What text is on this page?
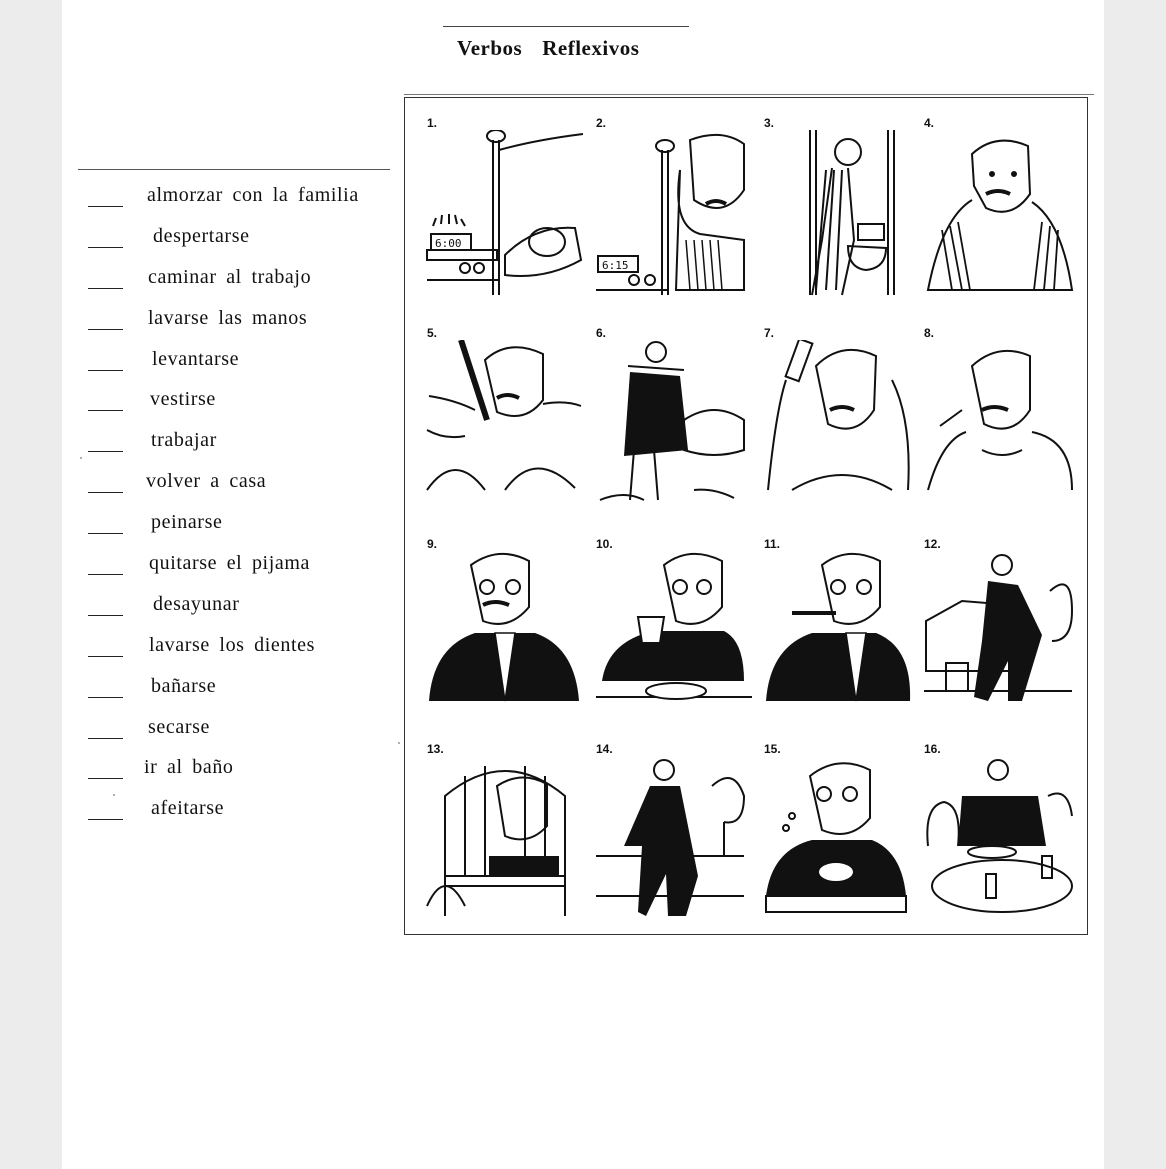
Verbos Reflexivos
almorzar con la familia
despertarse
caminar al trabajo
lavarse las manos
levantarse
vestirse
trabajar
volver a casa
peinarse
quitarse el pijama
desayunar
lavarse los dientes
bañarse
secarse
ir al baño
afeitarse
1.
6:00
2.
6:15
3.	4.
5.	6.	7.	8.
9.	10.	11.	12.
13.	14.	15.	16.
